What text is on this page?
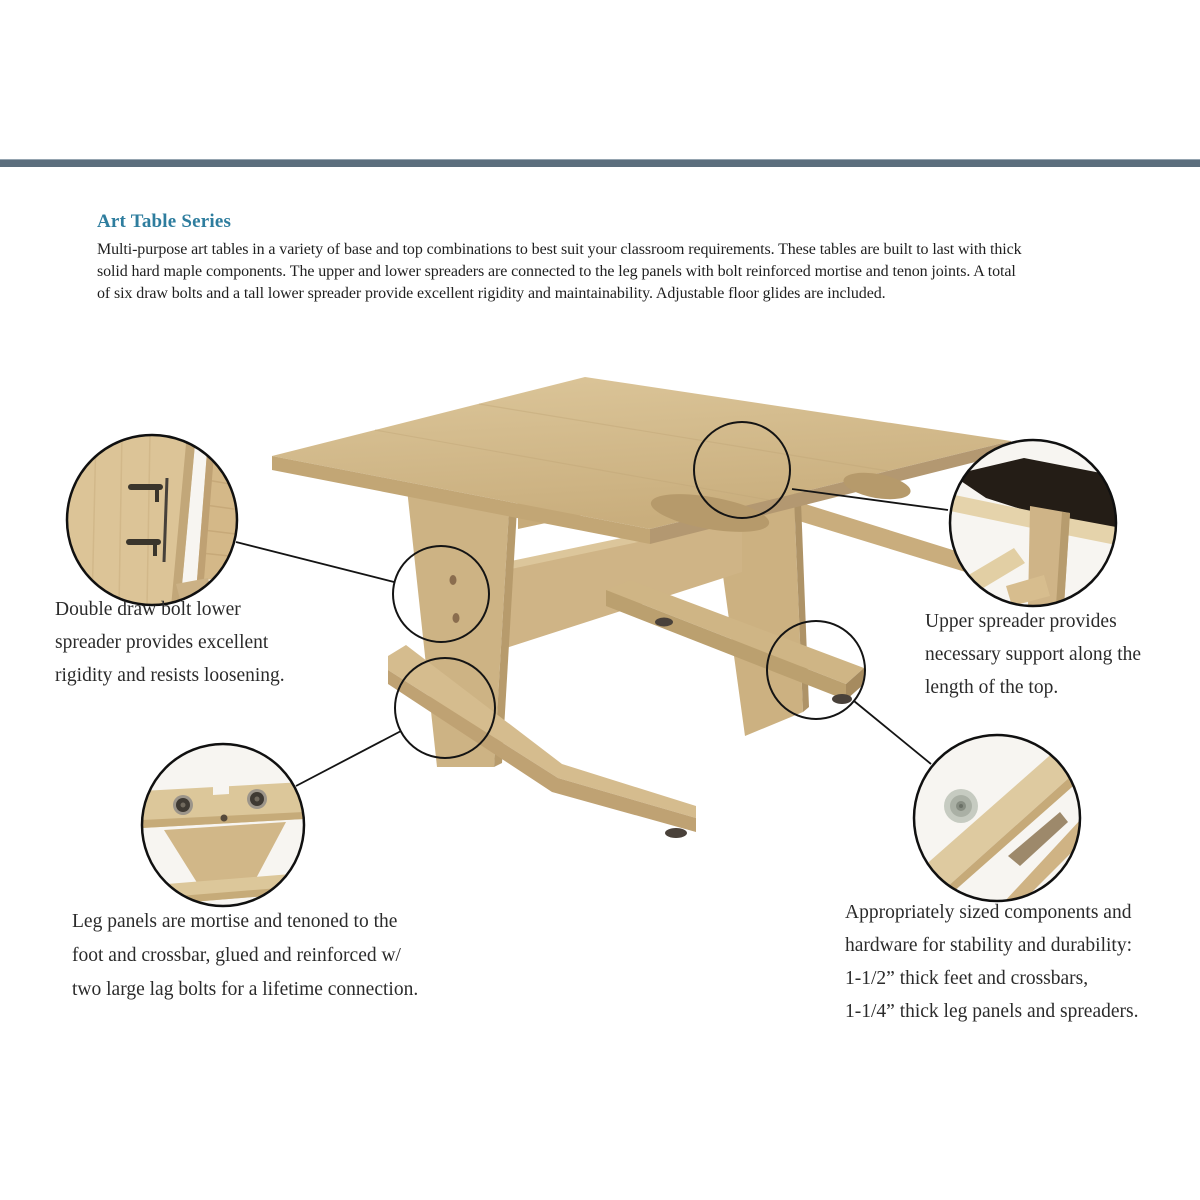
Art Table Series
Multi-purpose art tables in a variety of base and top combinations to best suit your classroom requirements. These tables are built to last with thick
solid hard maple components. The upper and lower spreaders are connected to the leg panels with bolt reinforced mortise and tenon joints. A total
of six draw bolts and a tall lower spreader provide excellent rigidity and maintainability. Adjustable floor glides are included.
Double draw bolt lower
spreader provides excellent
rigidity and resists loosening.
Upper spreader provides
necessary support along the
length of the top.
Leg panels are mortise and tenoned to the
foot and crossbar, glued and reinforced w/
two large lag bolts for a lifetime connection.
Appropriately sized components and
hardware for stability and durability:
1-1/2” thick feet and crossbars,
1-1/4” thick leg panels and spreaders.
